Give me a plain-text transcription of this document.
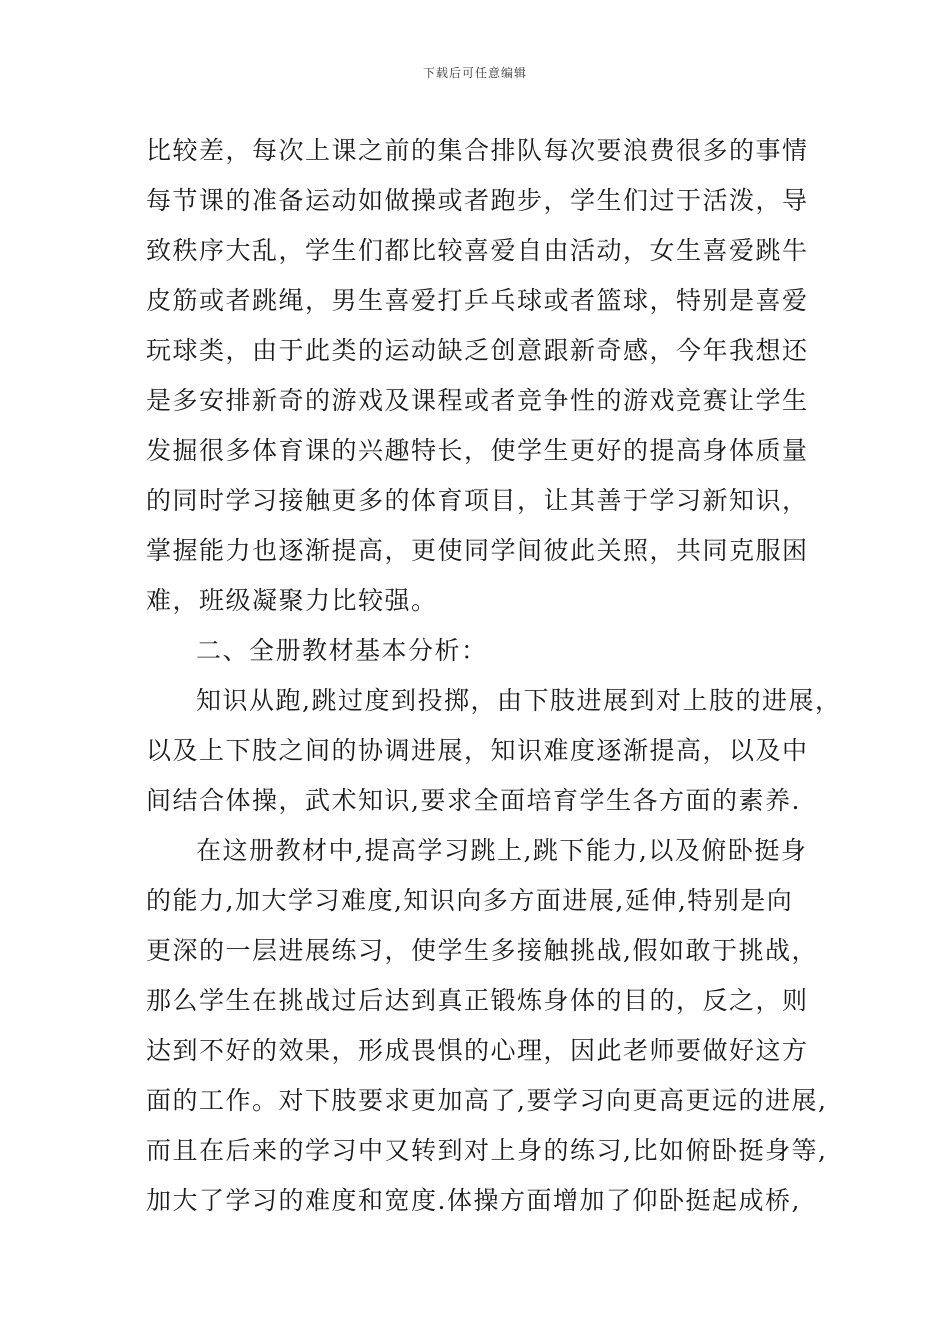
下载后可任意编辑
比较差，每次上课之前的集合排队每次要浪费很多的事情
每节课的准备运动如做操或者跑步，学生们过于活泼，导
致秩序大乱，学生们都比较喜爱自由活动，女生喜爱跳牛
皮筋或者跳绳，男生喜爱打乒乓球或者篮球，特别是喜爱
玩球类，由于此类的运动缺乏创意跟新奇感，今年我想还
是多安排新奇的游戏及课程或者竞争性的游戏竞赛让学生
发掘很多体育课的兴趣特长，使学生更好的提高身体质量
的同时学习接触更多的体育项目，让其善于学习新知识，
掌握能力也逐渐提高，更使同学间彼此关照，共同克服困
难，班级凝聚力比较强。
二、全册教材基本分析：
知识从跑,跳过度到投掷，由下肢进展到对上肢的进展，
以及上下肢之间的协调进展，知识难度逐渐提高，以及中
间结合体操，武术知识,要求全面培育学生各方面的素养.
在这册教材中,提高学习跳上,跳下能力,以及俯卧挺身
的能力,加大学习难度,知识向多方面进展,延伸,特别是向
更深的一层进展练习，使学生多接触挑战,假如敢于挑战，
那么学生在挑战过后达到真正锻炼身体的目的，反之，则
达到不好的效果，形成畏惧的心理，因此老师要做好这方
面的工作。对下肢要求更加高了,要学习向更高更远的进展,
而且在后来的学习中又转到对上身的练习,比如俯卧挺身等,
加大了学习的难度和宽度.体操方面增加了仰卧挺起成桥,
